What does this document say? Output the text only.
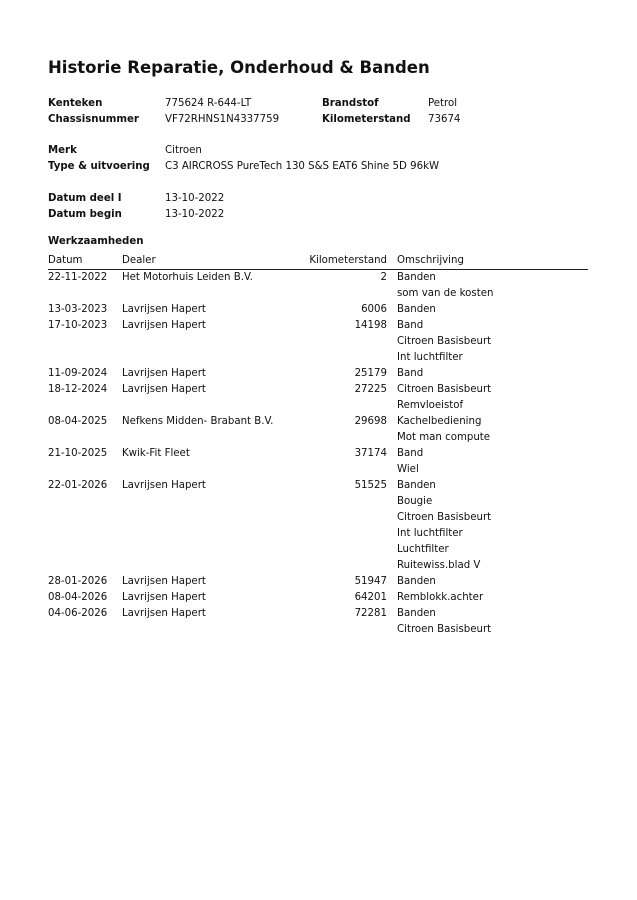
Historie Reparatie, Onderhoud & Banden
Kenteken	775624 R-644-LT	Brandstof	Petrol
Chassisnummer	VF72RHNS1N4337759	Kilometerstand 73674
Merk	Citroen
Type & uitvoering C3 AIRCROSS PureTech 130 S&S EAT6 Shine 5D 96kW
Datum deel I	13-10-2022
Datum begin	13-10-2022
Werkzaamheden
Datum	Dealer	Kilometerstand Omschrijving
22-11-2022 Het Motorhuis Leiden B.V.	2 Banden
som van de kosten
13-03-2023 Lavrijsen Hapert	6006 Banden
17-10-2023 Lavrijsen Hapert	14198 Band
Citroen Basisbeurt
Int luchtfilter
11-09-2024 Lavrijsen Hapert	25179 Band
18-12-2024 Lavrijsen Hapert	27225 Citroen Basisbeurt
Remvloeistof
08-04-2025 Nefkens Midden- Brabant B.V.	29698 Kachelbediening
Mot man compute
21-10-2025 Kwik-Fit Fleet	37174 Band
Wiel
22-01-2026 Lavrijsen Hapert	51525 Banden
Bougie
Citroen Basisbeurt
Int luchtfilter
Luchtfilter
Ruitewiss.blad V
28-01-2026 Lavrijsen Hapert	51947 Banden
08-04-2026 Lavrijsen Hapert	64201 Remblokk.achter
04-06-2026 Lavrijsen Hapert	72281 Banden
Citroen Basisbeurt
